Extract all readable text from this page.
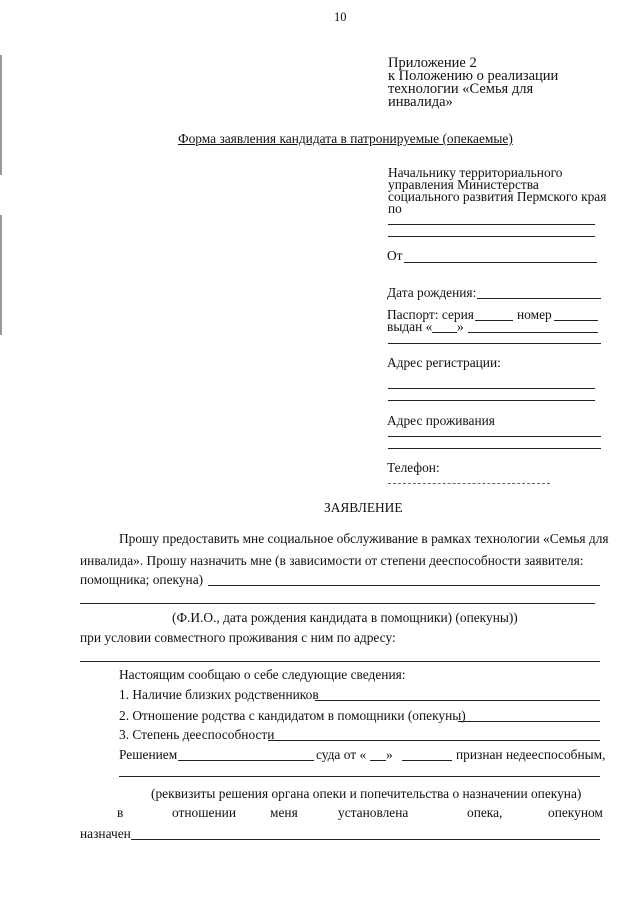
10
Приложение 2
к Положению о реализации
технологии «Семья для
инвалида»
Форма заявления кандидата в патронируемые (опекаемые)
Начальнику территориального
управления Министерства
социального развития Пермского края
по
От
Дата рождения:
Паспорт: серия	номер
выдан « »
Адрес регистрации:
Адрес проживания
Телефон:
ЗАЯВЛЕНИЕ
Прошу предоставить мне социальное обслуживание в рамках технологии «Семья для
инвалида». Прошу назначить мне (в зависимости от степени дееспособности заявителя:
помощника; опекуна)
(Ф.И.О., дата рождения кандидата в помощники) (опекуны))
при условии совместного проживания с ним по адресу:
Настоящим сообщаю о себе следующие сведения:
1. Наличие близких родственников
2. Отношение родства с кандидатом в помощники (опекуны)
3. Степень дееспособности
Решением	суда от « »	признан недееспособным,
(реквизиты решения органа опеки и попечительства о назначении опекуна)
в	отношении	меня	установлена	опека,	опекуном
назначен
